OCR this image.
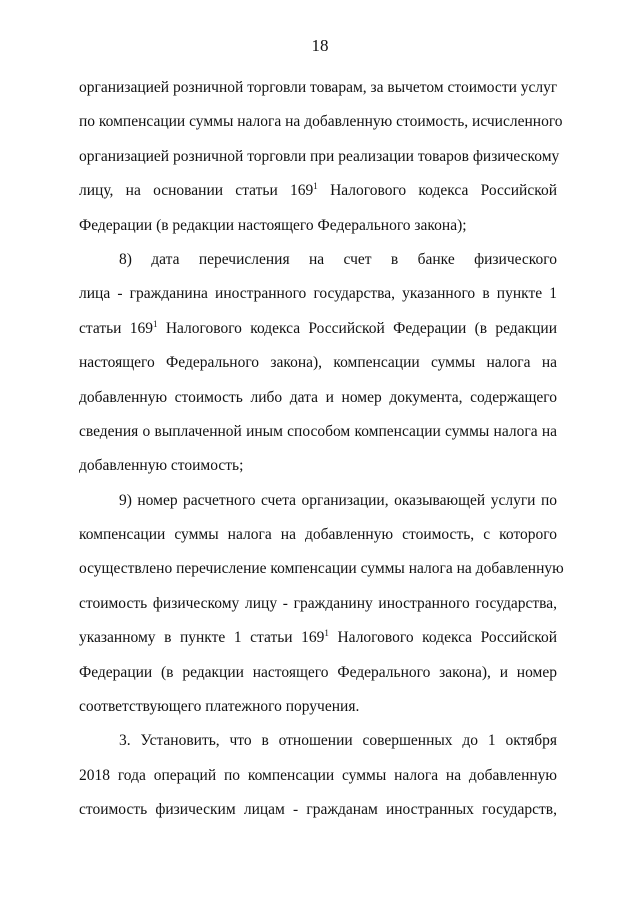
18
организацией розничной торговли товарам, за вычетом стоимости услуг
по компенсации суммы налога на добавленную стоимость, исчисленного
организацией розничной торговли при реализации товаров физическому
лицу, на основании статьи $169^1$ Налогового кодекса Российской
Федерации (в редакции настоящего Федерального закона);
8) дата перечисления на счет в банке физического
лица - гражданина иностранного государства, указанного в пункте 1
статьи $169^1$ Налогового кодекса Российской Федерации (в редакции
настоящего Федерального закона), компенсации суммы налога на
добавленную стоимость либо дата и номер документа, содержащего
сведения о выплаченной иным способом компенсации суммы налога на
добавленную стоимость;
9) номер расчетного счета организации, оказывающей услуги по
компенсации суммы налога на добавленную стоимость, с которого
осуществлено перечисление компенсации суммы налога на добавленную
стоимость физическому лицу - гражданину иностранного государства,
указанному в пункте 1 статьи $169^1$ Налогового кодекса Российской
Федерации (в редакции настоящего Федерального закона), и номер
соответствующего платежного поручения.
3. Установить, что в отношении совершенных до 1 октября
2018 года операций по компенсации суммы налога на добавленную
стоимость физическим лицам - гражданам иностранных государств,
